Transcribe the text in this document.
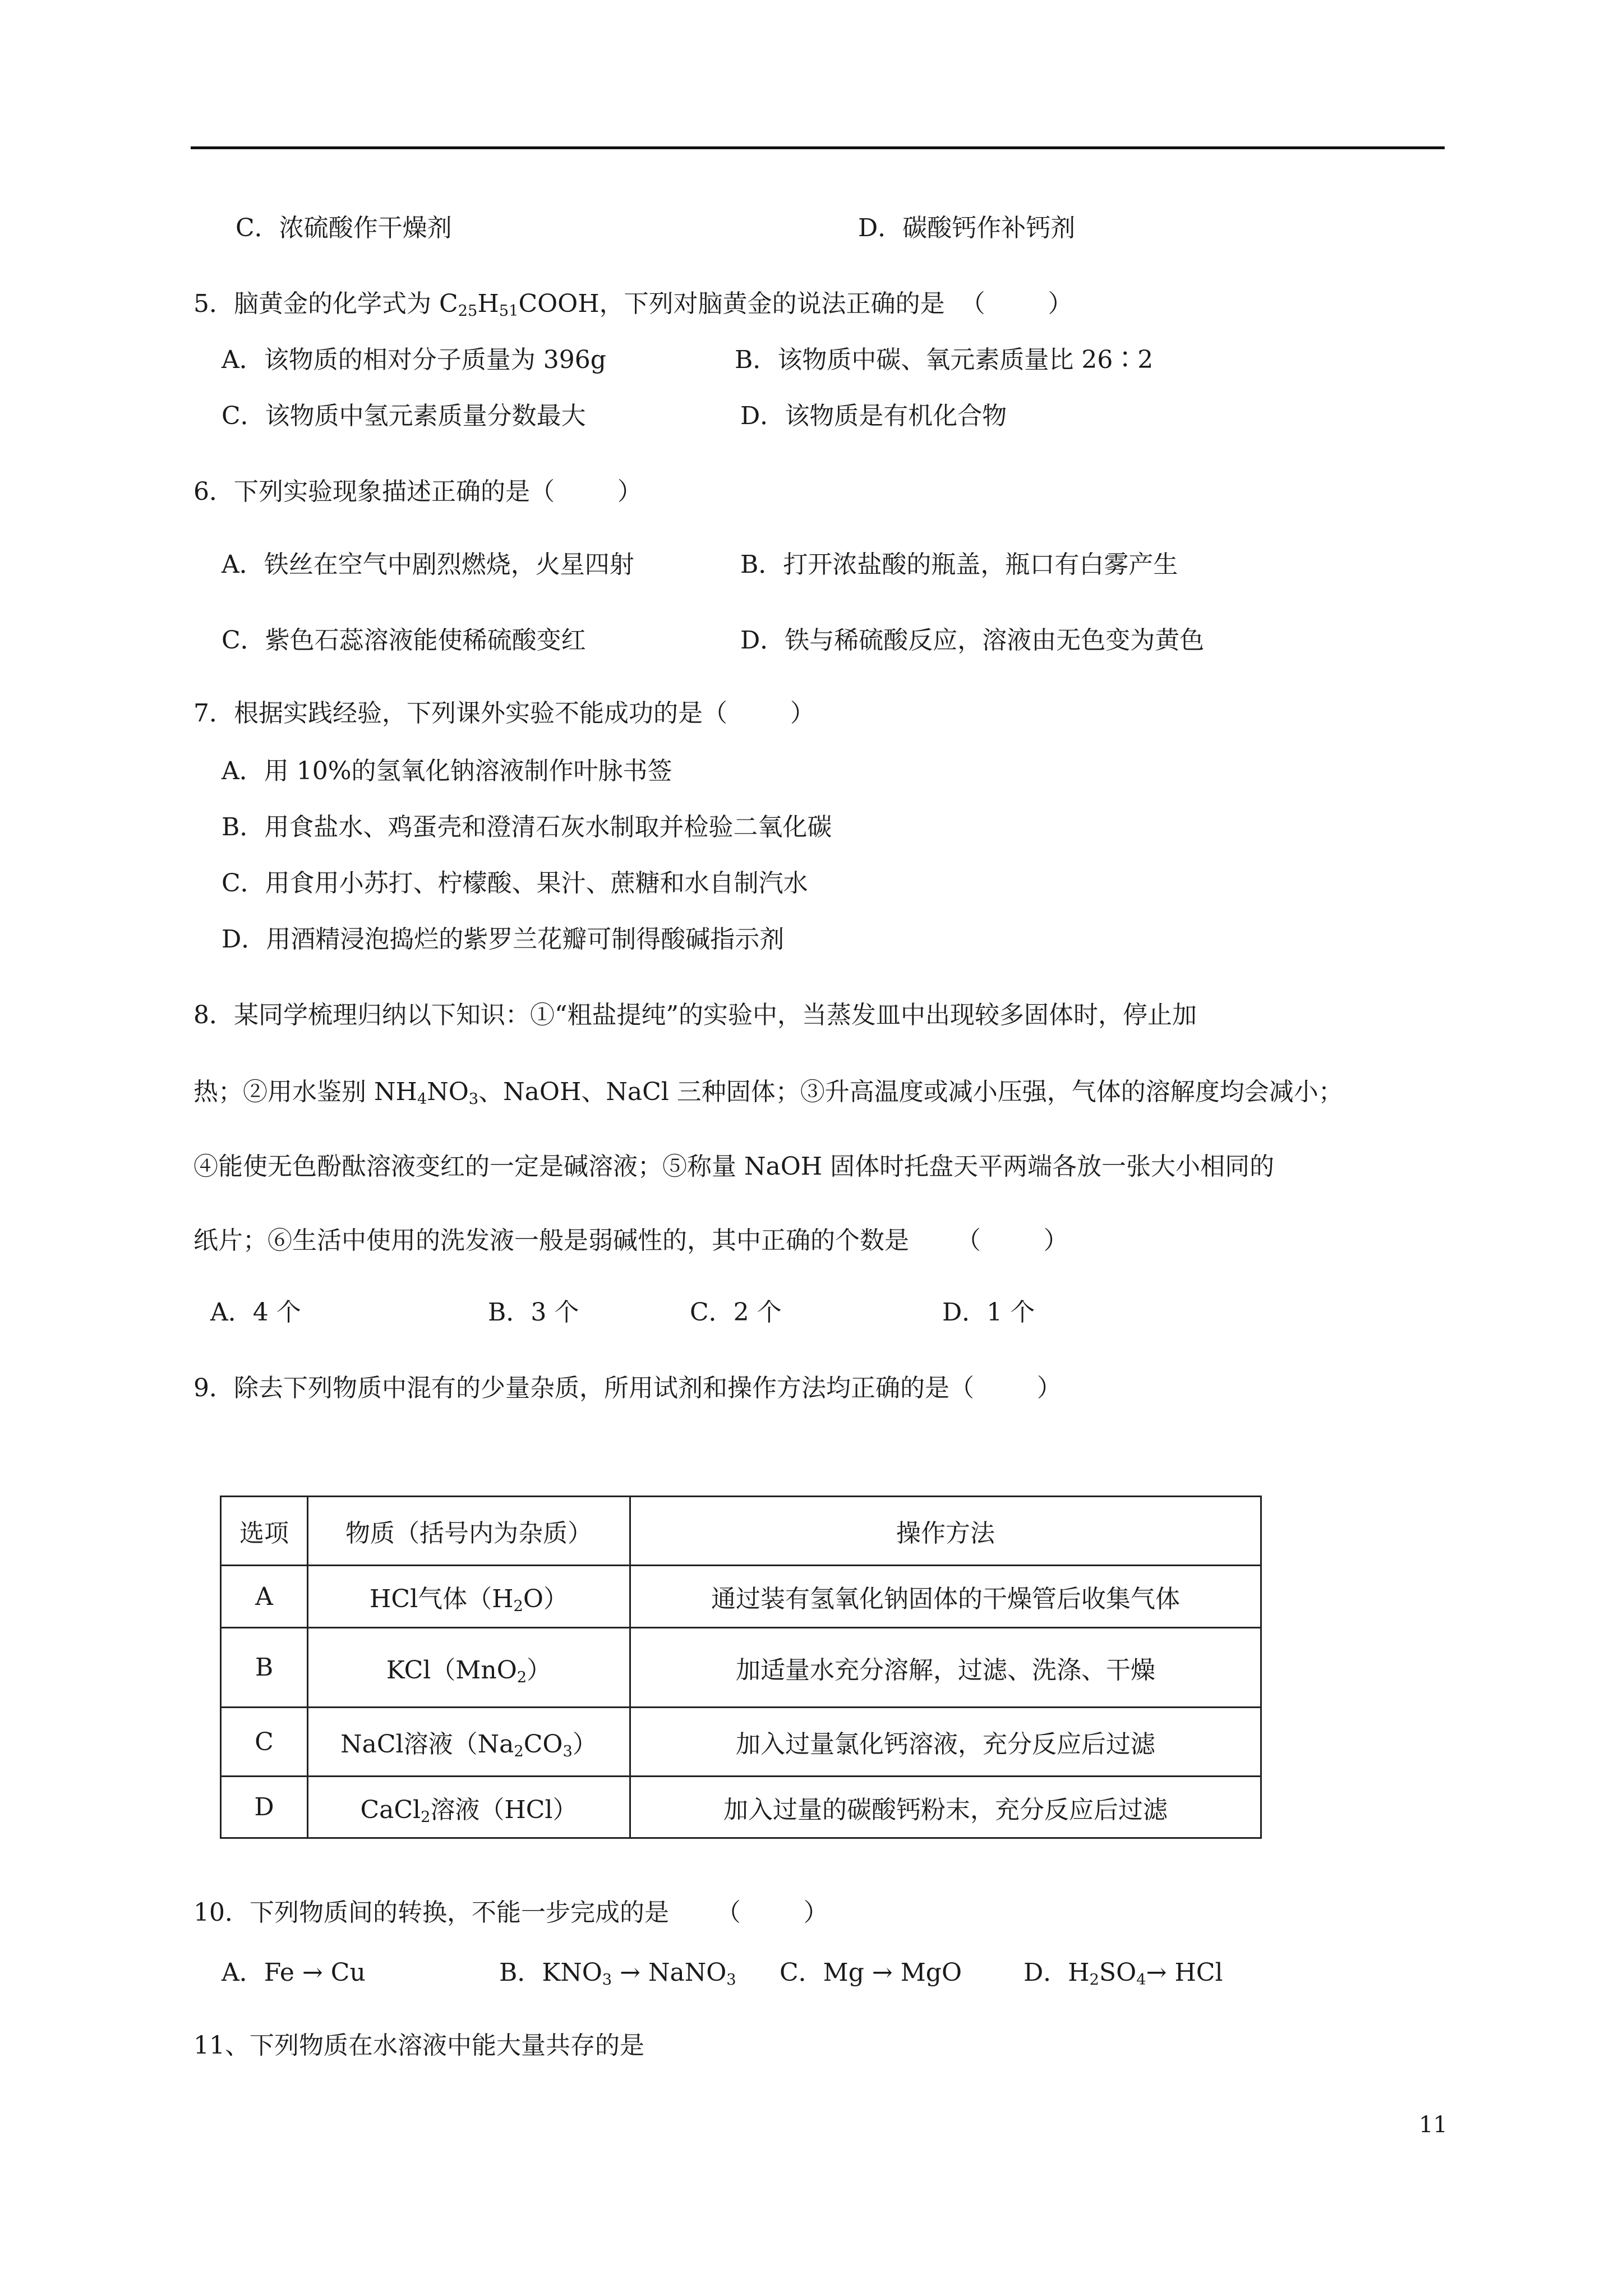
C．浓硫酸作干燥剂	D．碳酸钙作补钙剂
5．脑黄金的化学式为 $C_{25}H_{51}COOH$，下列对脑黄金的说法正确的是  （        ）
A．该物质的相对分子质量为 396g	B．该物质中碳、氧元素质量比 26∶2
C．该物质中氢元素质量分数最大	D．该物质是有机化合物
6．下列实验现象描述正确的是（        ）
A．铁丝在空气中剧烈燃烧，火星四射	B．打开浓盐酸的瓶盖，瓶口有白雾产生
C．紫色石蕊溶液能使稀硫酸变红	D．铁与稀硫酸反应，溶液由无色变为黄色
7．根据实践经验，下列课外实验不能成功的是（        ）
A．用 10%的氢氧化钠溶液制作叶脉书签
B．用食盐水、鸡蛋壳和澄清石灰水制取并检验二氧化碳
C．用食用小苏打、柠檬酸、果汁、蔗糖和水自制汽水
D．用酒精浸泡捣烂的紫罗兰花瓣可制得酸碱指示剂
8．某同学梳理归纳以下知识：①“粗盐提纯”的实验中，当蒸发皿中出现较多固体时，停止加
热；②用水鉴别 $NH_4NO_3$、NaOH、NaCl 三种固体；③升高温度或减小压强，气体的溶解度均会减小；
④能使无色酚酞溶液变红的一定是碱溶液；⑤称量 NaOH 固体时托盘天平两端各放一张大小相同的
纸片；⑥生活中使用的洗发液一般是弱碱性的，其中正确的个数是      （        ）
A．4 个	B．3 个	C．2 个	D．1 个
9．除去下列物质中混有的少量杂质，所用试剂和操作方法均正确的是（        ）
选项	物质（括号内为杂质）	操作方法
A	HCl气体$(H_2O)$	通过装有氢氧化钠固体的干燥管后收集气体
B	KCl（MnO$_2$）	加适量水充分溶解，过滤、洗涤、干燥
C	NaCl溶液$(Na_2CO_3)$	加入过量氯化钙溶液，充分反应后过滤
D	CaCl$_2$溶液（HCl）	加入过量的碳酸钙粉末，充分反应后过滤
10．下列物质间的转换，不能一步完成的是      （        ）
A．Fe → Cu	B．$KNO_3$ → NaNO$_3$ C．Mg → MgO D．$H_2SO_4\to$ HCl
11、下列物质在水溶液中能大量共存的是
11
